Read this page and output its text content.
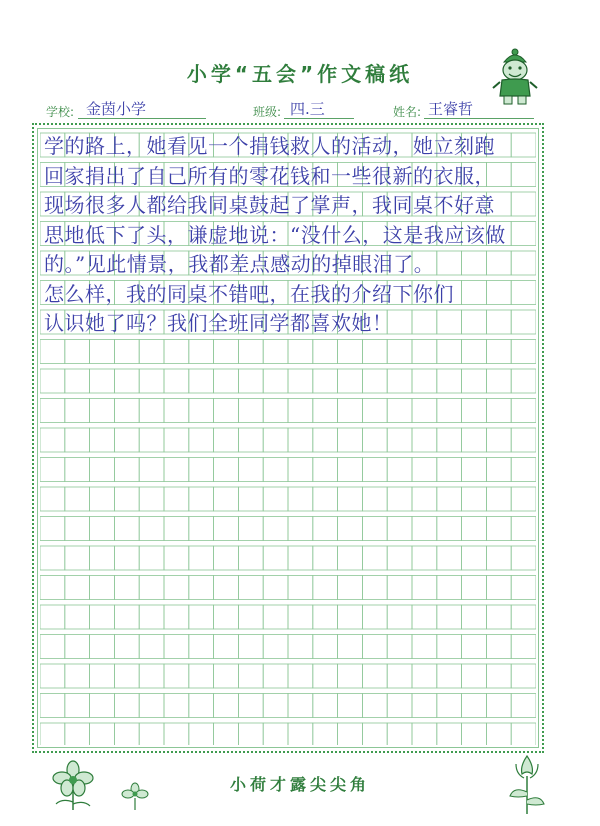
小学“五会”作文稿纸
学校: 金茵小学	班级: 四.三	姓名: 王睿哲
学的路上，她看见一个捐钱救人的活动，她立刻跑
回家捐出了自己所有的零花钱和一些很新的衣服，
现场很多人都给我同桌鼓起了掌声，我同桌不好意
思地低下了头，谦虚地说：“没什么，这是我应该做
的。”见此情景，我都差点感动的掉眼泪了。
怎么样，我的同桌不错吧，在我的介绍下你们
认识她了吗？我们全班同学都喜欢她！
小荷才露尖尖角
